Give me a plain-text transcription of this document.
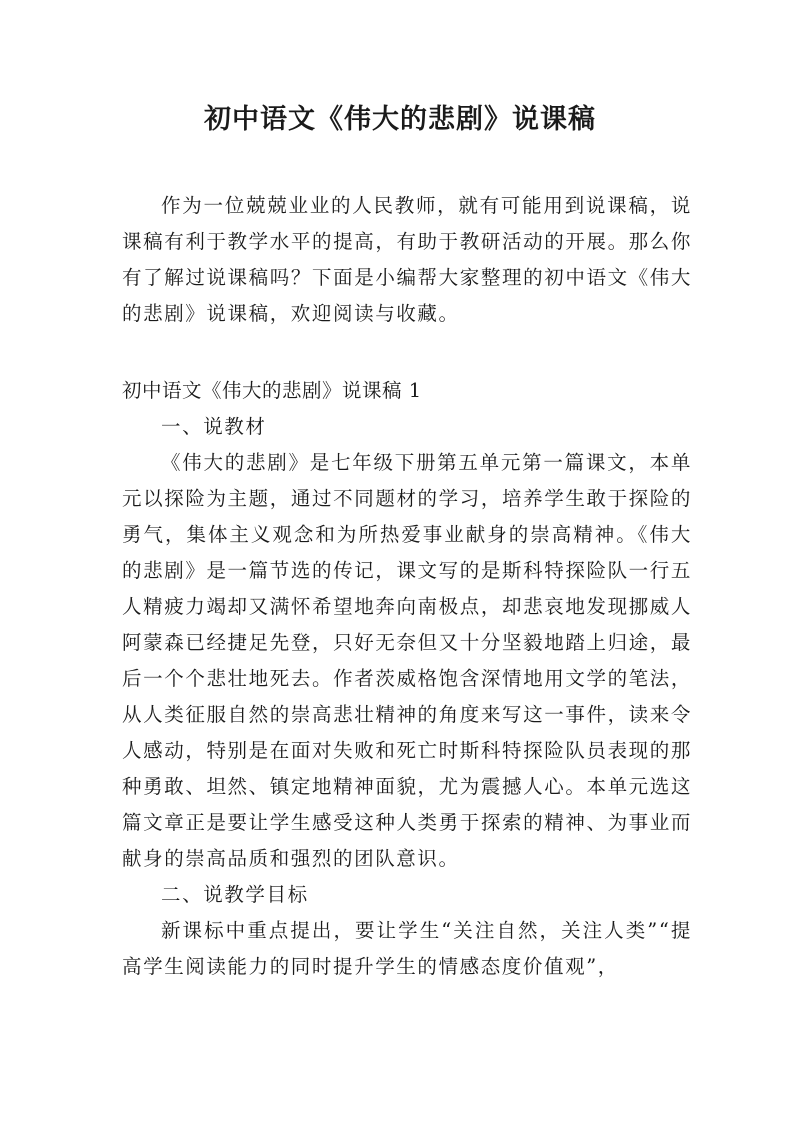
初中语文《伟大的悲剧》说课稿

作为一位兢兢业业的人民教师，就有可能用到说课稿，说课稿有利于教学水平的提高，有助于教研活动的开展。那么你有了解过说课稿吗？下面是小编帮大家整理的初中语文《伟大的悲剧》说课稿，欢迎阅读与收藏。

初中语文《伟大的悲剧》说课稿 1

一、说教材

《伟大的悲剧》是七年级下册第五单元第一篇课文，本单元以探险为主题，通过不同题材的学习，培养学生敢于探险的勇气，集体主义观念和为所热爱事业献身的崇高精神。《伟大的悲剧》是一篇节选的传记，课文写的是斯科特探险队一行五人精疲力竭却又满怀希望地奔向南极点，却悲哀地发现挪威人阿蒙森已经捷足先登，只好无奈但又十分坚毅地踏上归途，最后一个个悲壮地死去。作者茨威格饱含深情地用文学的笔法，从人类征服自然的崇高悲壮精神的角度来写这一事件，读来令人感动，特别是在面对失败和死亡时斯科特探险队员表现的那种勇敢、坦然、镇定地精神面貌，尤为震撼人心。本单元选这篇文章正是要让学生感受这种人类勇于探索的精神、为事业而献身的崇高品质和强烈的团队意识。

二、说教学目标

新课标中重点提出，要让学生“关注自然，关注人类”“提高学生阅读能力的同时提升学生的情感态度价值观”，
